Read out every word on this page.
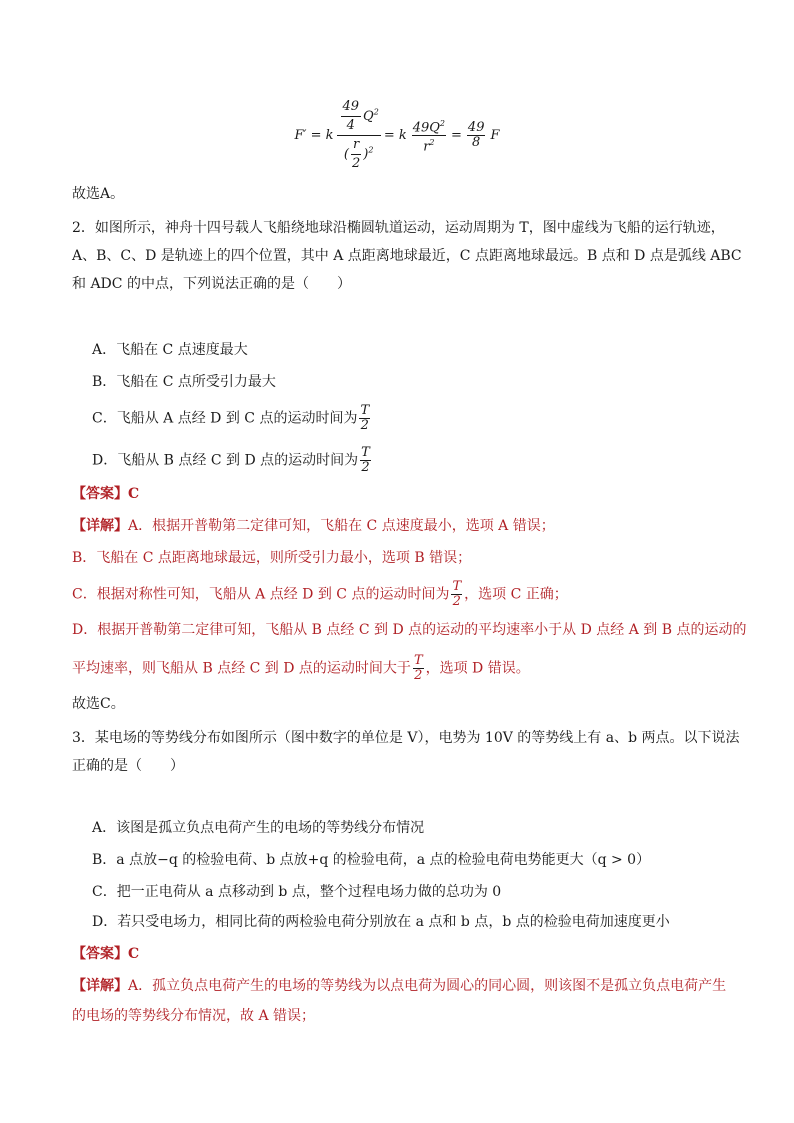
F′ = k $\frac{\frac{49}{4} Q^2}{( \frac{r}{2} )^2} = k \frac{49Q^2}{r^2} = \frac{49}{8}$ F
故选A。
2．如图所示，神舟十四号载人飞船绕地球沿椭圆轨道运动，运动周期为 T，图中虚线为飞船的运行轨迹，
A、B、C、D 是轨迹上的四个位置，其中 A 点距离地球最近，C 点距离地球最远。B 点和 D 点是弧线 ABC
和 ADC 的中点，下列说法正确的是（　　）
A．飞船在 C 点速度最大
B．飞船在 C 点所受引力最大
C．飞船从 A 点经 D 到 C 点的运动时间为 $\frac{T}{2}$
D．飞船从 B 点经 C 到 D 点的运动时间为 $\frac{T}{2}$
【答案】C
【详解】A．根据开普勒第二定律可知，飞船在 C 点速度最小，选项 A 错误；
B．飞船在 C 点距离地球最远，则所受引力最小，选项 B 错误；
C．根据对称性可知，飞船从 A 点经 D 到 C 点的运动时间为 $\frac{T}{2}$ ，选项 C 正确；
D．根据开普勒第二定律可知，飞船从 B 点经 C 到 D 点的运动的平均速率小于从 D 点经 A 到 B 点的运动的
平均速率，则飞船从 B 点经 C 到 D 点的运动时间大于 $\frac{T}{2}$ ，选项 D 错误。
故选C。
3．某电场的等势线分布如图所示（图中数字的单位是 V），电势为 10V 的等势线上有 a、b 两点。以下说法
正确的是（　　）
A．该图是孤立负点电荷产生的电场的等势线分布情况
B．a 点放−q 的检验电荷、b 点放+q 的检验电荷，a 点的检验电荷电势能更大（q > 0）
C．把一正电荷从 a 点移动到 b 点，整个过程电场力做的总功为 0
D．若只受电场力，相同比荷的两检验电荷分别放在 a 点和 b 点，b 点的检验电荷加速度更小
【答案】C
【详解】A．孤立负点电荷产生的电场的等势线为以点电荷为圆心的同心圆，则该图不是孤立负点电荷产生
的电场的等势线分布情况，故 A 错误；
